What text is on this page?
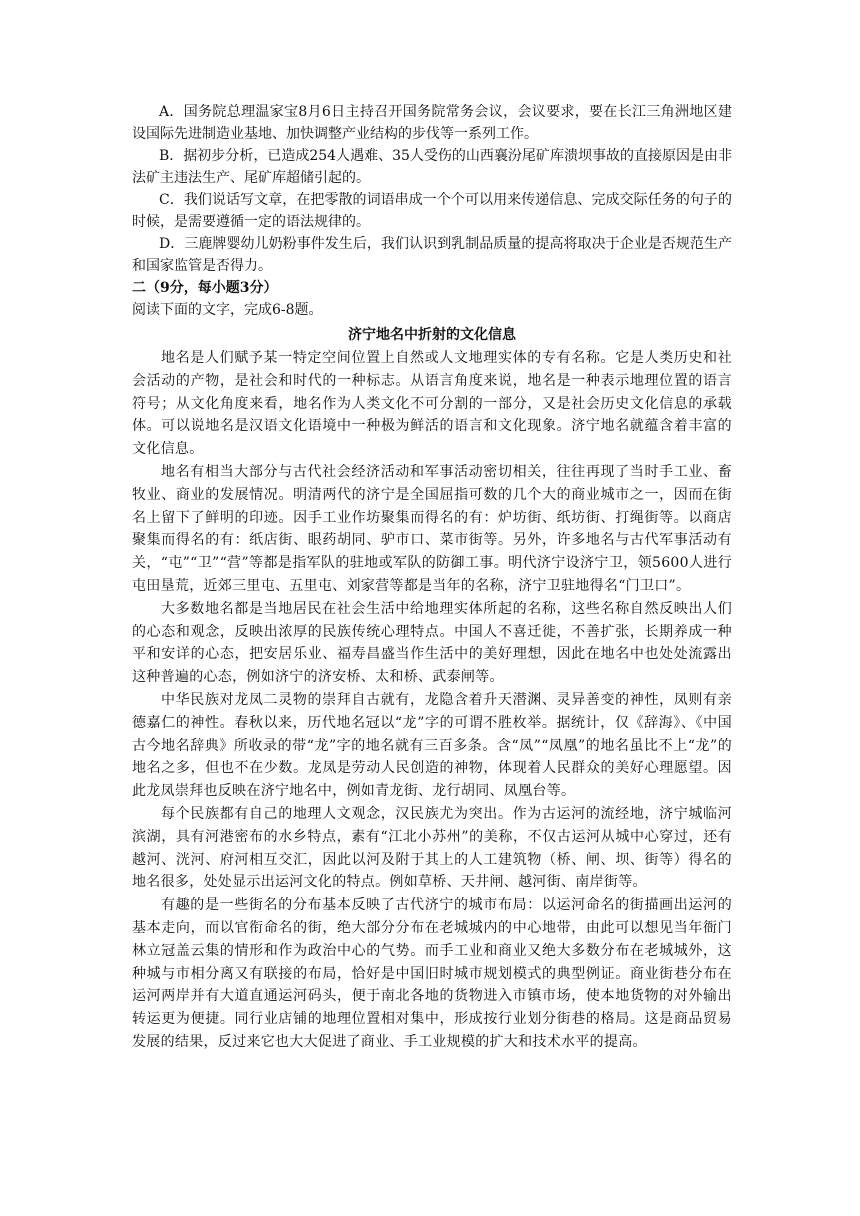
A．国务院总理温家宝8月6日主持召开国务院常务会议，会议要求，要在长江三角洲地区建设国际先进制造业基地、加快调整产业结构的步伐等一系列工作。

B．据初步分析，已造成254人遇难、35人受伤的山西襄汾尾矿库溃坝事故的直接原因是由非法矿主违法生产、尾矿库超储引起的。

C．我们说话写文章，在把零散的词语串成一个个可以用来传递信息、完成交际任务的句子的时候，是需要遵循一定的语法规律的。

D．三鹿牌婴幼儿奶粉事件发生后，我们认识到乳制品质量的提高将取决于企业是否规范生产和国家监管是否得力。

二（9分，每小题3分）

阅读下面的文字，完成6-8题。

济宁地名中折射的文化信息

地名是人们赋予某一特定空间位置上自然或人文地理实体的专有名称。它是人类历史和社会活动的产物，是社会和时代的一种标志。从语言角度来说，地名是一种表示地理位置的语言符号；从文化角度来看，地名作为人类文化不可分割的一部分，又是社会历史文化信息的承载体。可以说地名是汉语文化语境中一种极为鲜活的语言和文化现象。济宁地名就蕴含着丰富的文化信息。

地名有相当大部分与古代社会经济活动和军事活动密切相关，往往再现了当时手工业、畜牧业、商业的发展情况。明清两代的济宁是全国屈指可数的几个大的商业城市之一，因而在街名上留下了鲜明的印迹。因手工业作坊聚集而得名的有：炉坊街、纸坊街、打绳街等。以商店聚集而得名的有：纸店街、眼药胡同、驴市口、菜市街等。另外，许多地名与古代军事活动有关，“屯”“卫”“营”等都是指军队的驻地或军队的防御工事。明代济宁设济宁卫，领5600人进行屯田垦荒，近郊三里屯、五里屯、刘家营等都是当年的名称，济宁卫驻地得名“门卫口”。

大多数地名都是当地居民在社会生活中给地理实体所起的名称，这些名称自然反映出人们的心态和观念，反映出浓厚的民族传统心理特点。中国人不喜迁徙，不善扩张，长期养成一种平和安详的心态，把安居乐业、福寿昌盛当作生活中的美好理想，因此在地名中也处处流露出这种普遍的心态，例如济宁的济安桥、太和桥、武泰闸等。

中华民族对龙凤二灵物的崇拜自古就有，龙隐含着升天潜渊、灵异善变的神性，凤则有亲德嘉仁的神性。春秋以来，历代地名冠以“龙”字的可谓不胜枚举。据统计，仅《辞海》、《中国古今地名辞典》所收录的带“龙”字的地名就有三百多条。含“凤”“凤凰”的地名虽比不上“龙”的地名之多，但也不在少数。龙凤是劳动人民创造的神物，体现着人民群众的美好心理愿望。因此龙凤崇拜也反映在济宁地名中，例如青龙街、龙行胡同、凤凰台等。

每个民族都有自己的地理人文观念，汉民族尤为突出。作为古运河的流经地，济宁城临河滨湖，具有河港密布的水乡特点，素有“江北小苏州”的美称，不仅古运河从城中心穿过，还有越河、洸河、府河相互交汇，因此以河及附于其上的人工建筑物（桥、闸、坝、街等）得名的地名很多，处处显示出运河文化的特点。例如草桥、天井闸、越河街、南岸街等。

有趣的是一些街名的分布基本反映了古代济宁的城市布局：以运河命名的街描画出运河的基本走向，而以官衔命名的街，绝大部分分布在老城城内的中心地带，由此可以想见当年衙门林立冠盖云集的情形和作为政治中心的气势。而手工业和商业又绝大多数分布在老城城外，这种城与市相分离又有联接的布局，恰好是中国旧时城市规划模式的典型例证。商业街巷分布在运河两岸并有大道直通运河码头，便于南北各地的货物进入市镇市场，使本地货物的对外输出转运更为便捷。同行业店铺的地理位置相对集中，形成按行业划分街巷的格局。这是商品贸易发展的结果，反过来它也大大促进了商业、手工业规模的扩大和技术水平的提高。
